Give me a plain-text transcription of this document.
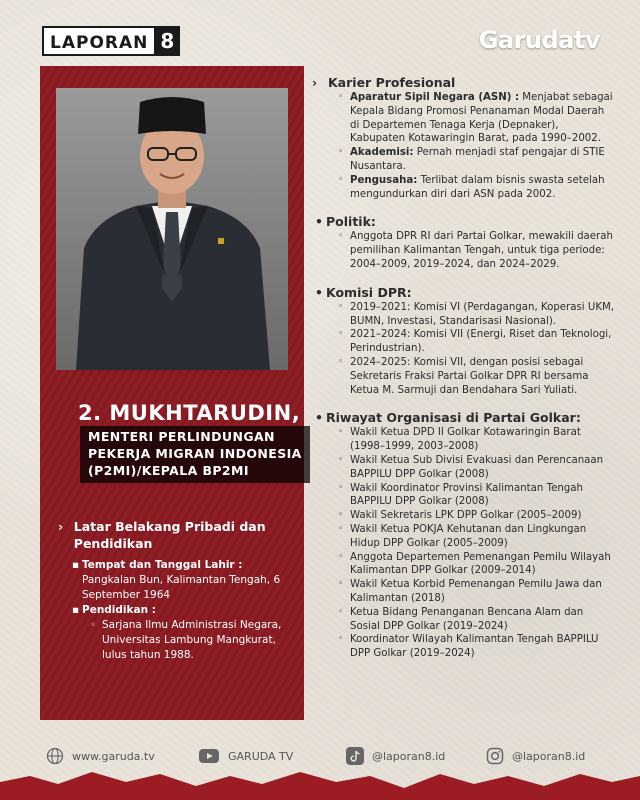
LAPORAN 8	Garudatv
2. MUKHTARUDIN,
MENTERI PERLINDUNGAN PEKERJA MIGRAN INDONESIA (P2MI)/KEPALA BP2MI
› Latar Belakang Pribadi dan Pendidikan
▪ Tempat dan Tanggal Lahir :
Pangkalan Bun, Kalimantan Tengah, 6 September 1964
▪ Pendidikan :
◦ Sarjana Ilmu Administrasi Negara, Universitas Lambung Mangkurat, lulus tahun 1988.
› Karier Profesional
◦ Aparatur Sipil Negara (ASN) : Menjabat sebagai Kepala Bidang Promosi Penanaman Modal Daerah di Departemen Tenaga Kerja (Depnaker), Kabupaten Kotawaringin Barat, pada 1990–2002.
◦ Akademisi: Pernah menjadi staf pengajar di STIE Nusantara.
◦ Pengusaha: Terlibat dalam bisnis swasta setelah mengundurkan diri dari ASN pada 2002.
• Politik:
◦ Anggota DPR RI dari Partai Golkar, mewakili daerah pemilihan Kalimantan Tengah, untuk tiga periode: 2004–2009, 2019–2024, dan 2024–2029.
• Komisi DPR:
◦ 2019–2021: Komisi VI (Perdagangan, Koperasi UKM, BUMN, Investasi, Standarisasi Nasional).
◦ 2021–2024: Komisi VII (Energi, Riset dan Teknologi, Perindustrian).
◦ 2024–2025: Komisi VII, dengan posisi sebagai Sekretaris Fraksi Partai Golkar DPR RI bersama Ketua M. Sarmuji dan Bendahara Sari Yuliati.
• Riwayat Organisasi di Partai Golkar:
◦ Wakil Ketua DPD II Golkar Kotawaringin Barat (1998–1999, 2003–2008)
◦ Wakil Ketua Sub Divisi Evakuasi dan Perencanaan BAPPILU DPP Golkar (2008)
◦ Wakil Koordinator Provinsi Kalimantan Tengah BAPPILU DPP Golkar (2008)
◦ Wakil Sekretaris LPK DPP Golkar (2005–2009)
◦ Wakil Ketua POKJA Kehutanan dan Lingkungan Hidup DPP Golkar (2005–2009)
◦ Anggota Departemen Pemenangan Pemilu Wilayah Kalimantan DPP Golkar (2009–2014)
◦ Wakil Ketua Korbid Pemenangan Pemilu Jawa dan Kalimantan (2018)
◦ Ketua Bidang Penanganan Bencana Alam dan Sosial DPP Golkar (2019–2024)
◦ Koordinator Wilayah Kalimantan Tengah BAPPILU DPP Golkar (2019–2024)
www.garuda.tv	GARUDA TV	@laporan8.id	@laporan8.id
